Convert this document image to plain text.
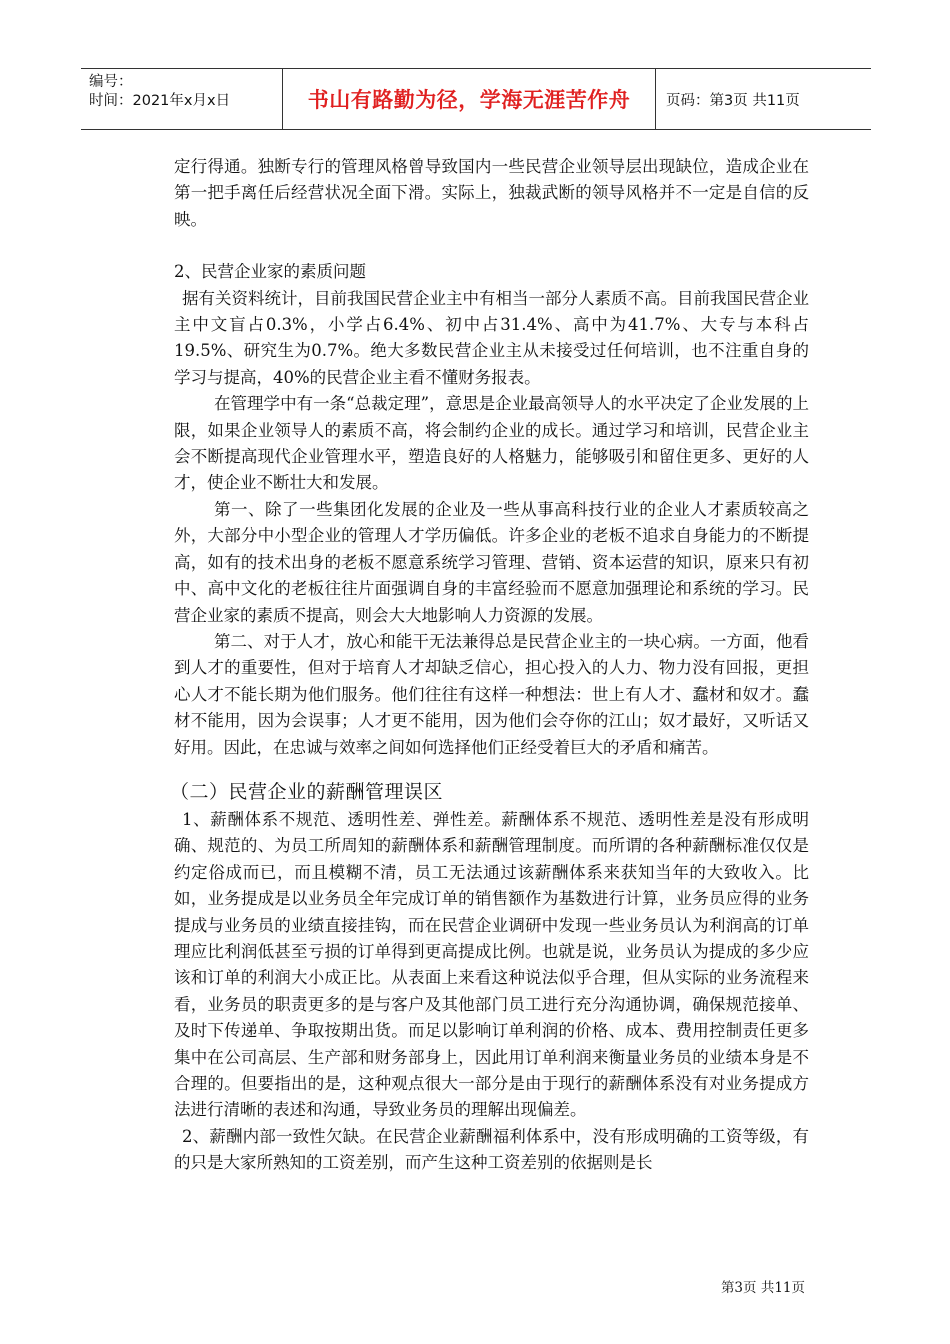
编号：
时间：2021年x月x日	书山有路勤为径，学海无涯苦作舟	页码：第3页 共11页

定行得通。独断专行的管理风格曾导致国内一些民营企业领导层出现缺位，造成企业在第一把手离任后经营状况全面下滑。实际上，独裁武断的领导风格并不一定是自信的反映。

2、民营企业家的素质问题

据有关资料统计，目前我国民营企业主中有相当一部分人素质不高。目前我国民营企业主中文盲占0.3%，小学占6.4%、初中占31.4%、高中为41.7%、大专与本科占19.5%、研究生为0.7%。绝大多数民营企业主从未接受过任何培训，也不注重自身的学习与提高，40%的民营企业主看不懂财务报表。

在管理学中有一条“总裁定理”，意思是企业最高领导人的水平决定了企业发展的上限，如果企业领导人的素质不高，将会制约企业的成长。通过学习和培训，民营企业主会不断提高现代企业管理水平，塑造良好的人格魅力，能够吸引和留住更多、更好的人才，使企业不断壮大和发展。

第一、除了一些集团化发展的企业及一些从事高科技行业的企业人才素质较高之外，大部分中小型企业的管理人才学历偏低。许多企业的老板不追求自身能力的不断提高，如有的技术出身的老板不愿意系统学习管理、营销、资本运营的知识，原来只有初中、高中文化的老板往往片面强调自身的丰富经验而不愿意加强理论和系统的学习。民营企业家的素质不提高，则会大大地影响人力资源的发展。

第二、对于人才，放心和能干无法兼得总是民营企业主的一块心病。一方面，他看到人才的重要性，但对于培育人才却缺乏信心，担心投入的人力、物力没有回报，更担心人才不能长期为他们服务。他们往往有这样一种想法：世上有人才、蠢材和奴才。蠢材不能用，因为会误事；人才更不能用，因为他们会夺你的江山；奴才最好，又听话又好用。因此，在忠诚与效率之间如何选择他们正经受着巨大的矛盾和痛苦。

（二）民营企业的薪酬管理误区

1、薪酬体系不规范、透明性差、弹性差。薪酬体系不规范、透明性差是没有形成明确、规范的、为员工所周知的薪酬体系和薪酬管理制度。而所谓的各种薪酬标准仅仅是约定俗成而已，而且模糊不清，员工无法通过该薪酬体系来获知当年的大致收入。比如，业务提成是以业务员全年完成订单的销售额作为基数进行计算，业务员应得的业务提成与业务员的业绩直接挂钩，而在民营企业调研中发现一些业务员认为利润高的订单理应比利润低甚至亏损的订单得到更高提成比例。也就是说，业务员认为提成的多少应该和订单的利润大小成正比。从表面上来看这种说法似乎合理，但从实际的业务流程来看，业务员的职责更多的是与客户及其他部门员工进行充分沟通协调，确保规范接单、及时下传递单、争取按期出货。而足以影响订单利润的价格、成本、费用控制责任更多集中在公司高层、生产部和财务部身上，因此用订单利润来衡量业务员的业绩本身是不合理的。但要指出的是，这种观点很大一部分是由于现行的薪酬体系没有对业务提成方法进行清晰的表述和沟通，导致业务员的理解出现偏差。

2、薪酬内部一致性欠缺。在民营企业薪酬福利体系中，没有形成明确的工资等级，有的只是大家所熟知的工资差别，而产生这种工资差别的依据则是长

第3页 共11页
